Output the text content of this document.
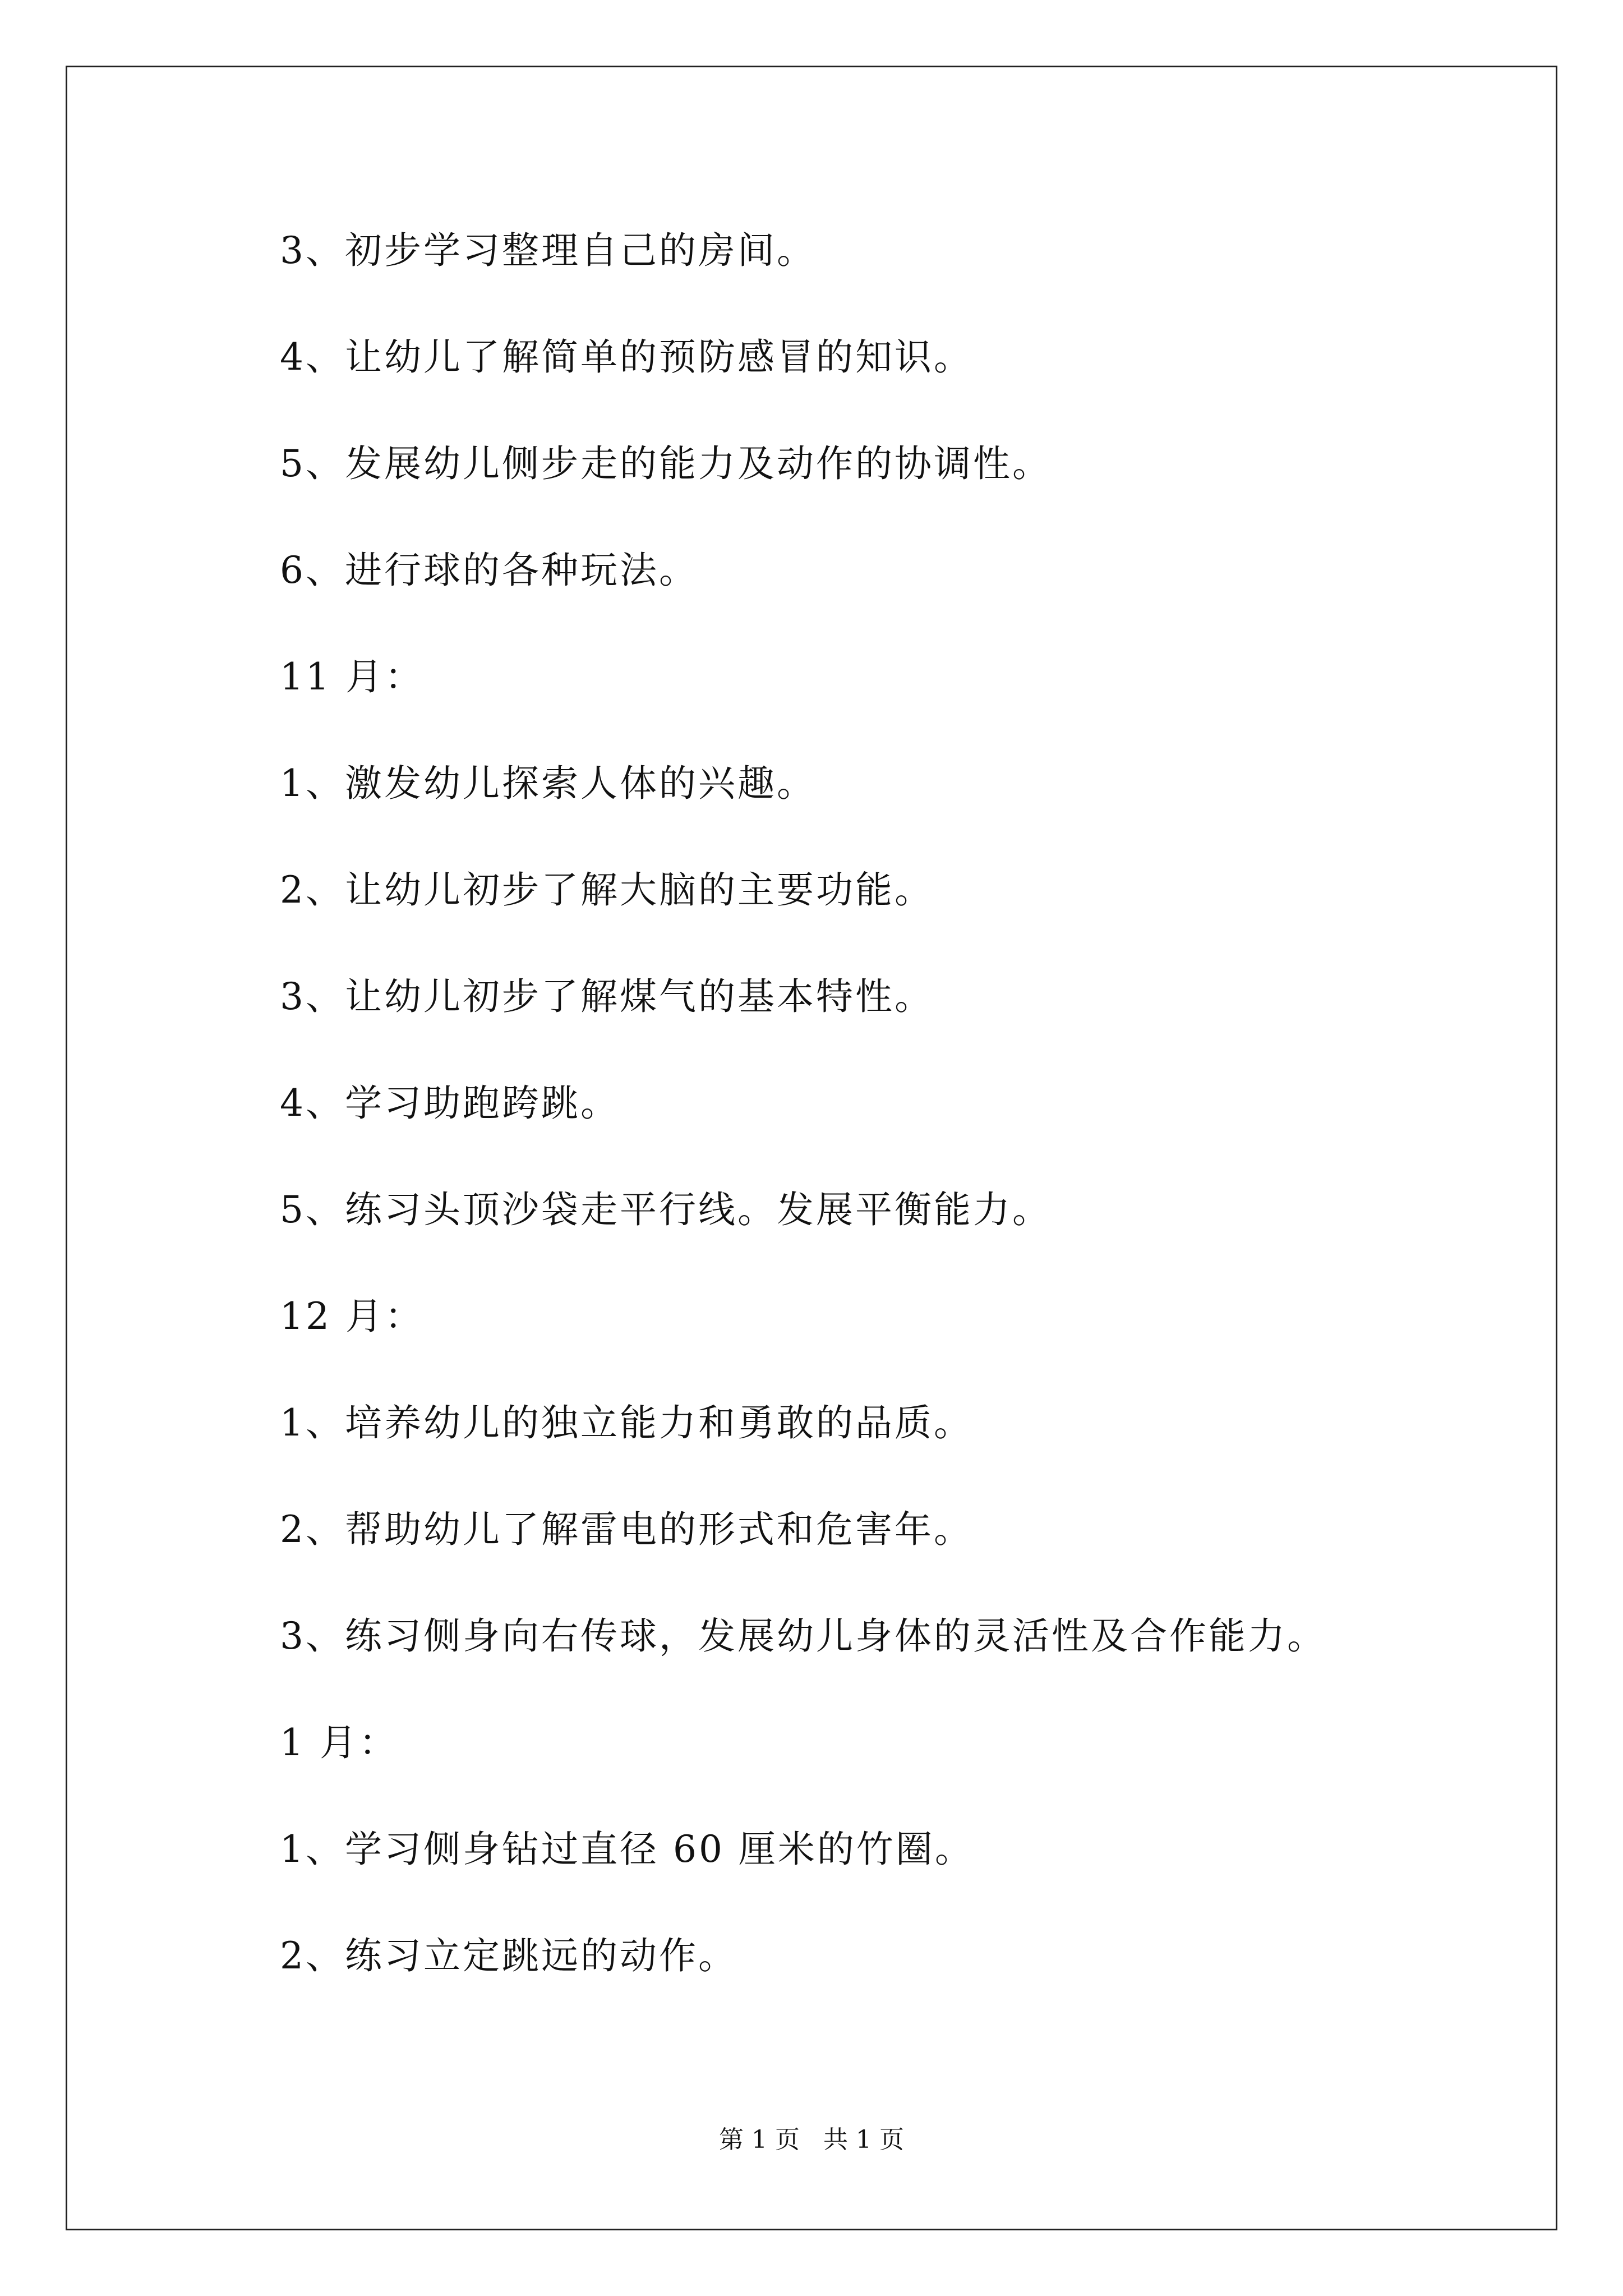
3、初步学习整理自己的房间。
4、让幼儿了解简单的预防感冒的知识。
5、发展幼儿侧步走的能力及动作的协调性。
6、进行球的各种玩法。
11 月：
1、激发幼儿探索人体的兴趣。
2、让幼儿初步了解大脑的主要功能。
3、让幼儿初步了解煤气的基本特性。
4、学习助跑跨跳。
5、练习头顶沙袋走平行线。发展平衡能力。
12 月：
1、培养幼儿的独立能力和勇敢的品质。
2、帮助幼儿了解雷电的形式和危害年。
3、练习侧身向右传球，发展幼儿身体的灵活性及合作能力。
1 月：
1、学习侧身钻过直径 60 厘米的竹圈。
2、练习立定跳远的动作。
第 1 页   共 1 页
